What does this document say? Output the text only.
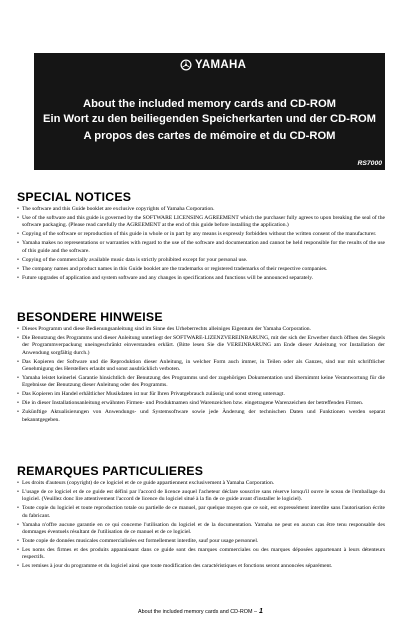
YAMAHA
About the included memory cards and CD-ROM
Ein Wort zu den beiliegenden Speicherkarten und der CD-ROM
A propos des cartes de mémoire et du CD-ROM
RS7000
SPECIAL NOTICES
• The software and this Guide booklet are exclusive copyrights of Yamaha Corporation.
• Use of the software and this guide is governed by the SOFTWARE LICENSING AGREEMENT which the purchaser fully agrees to upon breaking the seal of the software packaging. (Please read carefully the AGREEMENT at the end of this guide before installing the application.)
• Copying of the software or reproduction of this guide in whole or in part by any means is expressly forbidden without the written consent of the manufacturer.
• Yamaha makes no representations or warranties with regard to the use of the software and documentation and cannot be held responsible for the results of the use of this guide and the software.
• Copying of the commercially available music data is strictly prohibited except for your personal use.
• The company names and product names in this Guide booklet are the trademarks or registered trademarks of their respective companies.
• Future upgrades of application and system software and any changes in specifications and functions will be announced separately.
BESONDERE HINWEISE
• Dieses Programm und diese Bedienungsanleitung sind im Sinne des Urheberrechts alleiniges Eigentum der Yamaha Corporation.
• Die Benutzung des Programms und dieser Anleitung unterliegt der SOFTWARE-LIZENZVEREINBARUNG, mit der sich der Erwerber durch öffnen des Siegels der Programmverpackung uneingeschränkt einverstanden erklärt. (Bitte lesen Sie die VEREINBARUNG am Ende dieser Anleitung vor Installation der Anwendung sorgfältig durch.)
• Das Kopieren der Software und die Reproduktion dieser Anleitung, in welcher Form auch immer, in Teilen oder als Ganzes, sind nur mit schriftlicher Genehmigung des Herstellers erlaubt und sonst ausdrücklich verboten.
• Yamaha leistet keinerlei Garantie hinsichtlich der Benutzung des Programms und der zugehörigen Dokumentation und übernimmt keine Verantwortung für die Ergebnisse der Benutzung dieser Anleitung oder des Programms.
• Das Kopieren im Handel erhältlicher Musikdaten ist nur für Ihren Privatgebrauch zulässig und sonst streng untersagt.
• Die in dieser Installationsanleitung erwähnten Firmen- und Produktnamen sind Warenzeichen bzw. eingetragene Warenzeichen der betreffenden Firmen.
• Zukünftige Aktualisierungen von Anwendungs- und Systemsoftware sowie jede Änderung der technischen Daten und Funktionen werden separat bekanntgegeben.
REMARQUES PARTICULIERES
• Les droits d'auteurs (copyright) de ce logiciel et de ce guide appartiennent exclusivement à Yamaha Corporation.
• L'usage de ce logiciel et de ce guide est défini par l'accord de licence auquel l'acheteur déclare souscrire sans réserve lorsqu'il ouvre le sceau de l'emballage du logiciel. (Veuillez donc lire attentivement l'accord de licence du logiciel situé à la fin de ce guide avant d'installer le logiciel).
• Toute copie du logiciel et toute reproduction totale ou partielle de ce manuel, par quelque moyen que ce soit, est expressément interdite sans l'autorisation écrite du fabricant.
• Yamaha n'offre aucune garantie en ce qui concerne l'utilisation du logiciel et de la documentation. Yamaha ne peut en aucun cas être tenu responsable des dommages éventuels résultant de l'utilisation de ce manuel et de ce logiciel.
• Toute copie de données musicales commercialisées est formellement interdite, sauf pour usage personnel.
• Les noms des firmes et des produits apparaissant dans ce guide sont des marques commerciales ou des marques déposées appartenant à leurs détenteurs respectifs.
• Les remises à jour du programme et du logiciel ainsi que toute modification des caractéristiques et fonctions seront annoncées séparément.
About the included memory cards and CD-ROM – 1
